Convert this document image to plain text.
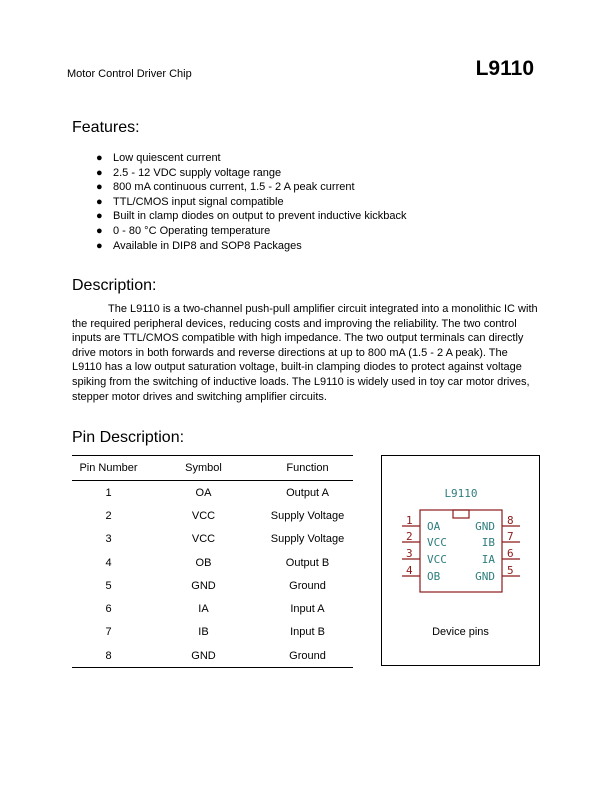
Motor Control Driver Chip	L9110
Features:
● Low quiescent current
● 2.5 - 12 VDC supply voltage range
● 800 mA continuous current, 1.5 - 2 A peak current
● TTL/CMOS input signal compatible
● Built in clamp diodes on output to prevent inductive kickback
● 0 - 80 °C Operating temperature
● Available in DIP8 and SOP8 Packages
Description:

The L9110 is a two-channel push-pull amplifier circuit integrated into a monolithic IC with the required peripheral devices, reducing costs and improving the reliability. The two control inputs are TTL/CMOS compatible with high impedance. The two output terminals can directly drive motors in both forwards and reverse directions at up to 800 mA (1.5 - 2 A peak). The L9110 has a low output saturation voltage, built-in clamping diodes to protect against voltage spiking from the switching of inductive loads. The L9110 is widely used in toy car motor drives, stepper motor drives and switching amplifier circuits.

Pin Description:
Pin Number	Symbol	Function
1	OA	Output A
2	VCC	Supply Voltage
3	VCC	Supply Voltage
4	OB	Output B
5	GND	Ground
6	IA	Input A
7	IB	Input B
8	GND	Ground
L9110
1 OA
2 VCC
3 VCC
4 OB
8
GND
7
IB
6
IA
5
GND
Device pins
